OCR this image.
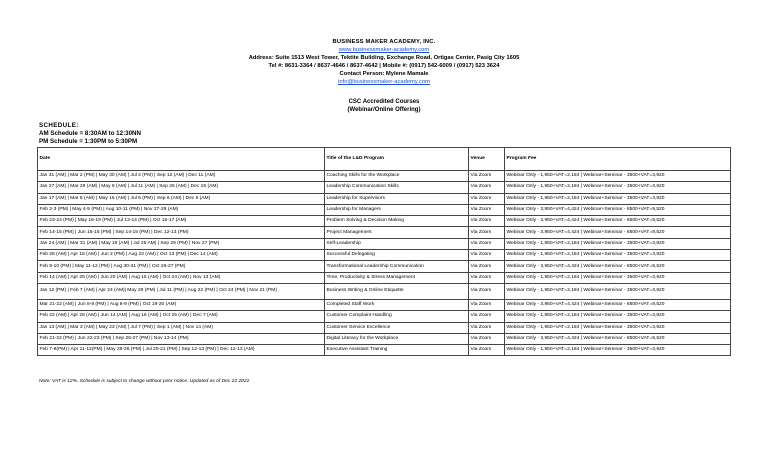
BUSINESS MAKER ACADEMY, INC.
www.businessmaker-academy.com
Address: Suite 1513 West Tower, Tektite Building, Exchange Road, Ortigas Center, Pasig City 1605
Tel #: 8631-3364 / 8637-4646 / 8637-4642 | Mobile #: (0917) 542-6009 / (0917) 523 3624
Contact Person: Mylene Mamale
info@businessmaker-academy.com
CSC Accredited Courses
(Webinar/Online Offering)
SCHEDULE:
AM Schedule = 8:30AM to 12:30NN
PM Schedule = 1:30PM to 5:30PM
Date	Title of the L&D Program	Venue	Program Fee
Jan 31 (AM) | Mar 2 (PM) | May 30 (AM) | Jul 4 (PM) | Sep 12 (AM) | Dec 11 (AM)	Coaching Skills for the Workplace	Via Zoom	Webinar Only - 1,950+VAT=2,184 | Webinar+Seminar - 3500+VAT=3,920
Jan 27 (AM) | Mar 29 (AM) | May 9 (AM) | Jul 11 (AM) | Sep 26 (AM) | Dec 15 (AM)	Leadership Communication Skills	Via Zoom	Webinar Only - 1,950+VAT=2,184 | Webinar+Seminar - 3500+VAT=3,920
Jan 17 (AM) | Mar 8 (AM) | May 16 (AM) | Jul 5 (PM) | Sep 6 (AM) | Dec 5 (AM)	Leadership for Supervisors	Via Zoom	Webinar Only - 1,950+VAT=2,184 | Webinar+Seminar - 3500+VAT=3,920
Feb 2-3 (PM) | May 4-5 (PM) | Aug 10-11 (PM) | Nov 27-28 (AM)	Leadership for Managers	Via Zoom	Webinar Only - 3,950+VAT=4,424 | Webinar+Seminar - 8500+VAT=9,520
Feb 23-24 (PM) | May 18-19 (PM) | Jul 13-14 (PM) | Oct 16-17 (AM)	Problem Solving & Decision Making	Via Zoom	Webinar Only - 3,950+VAT=4,424 | Webinar+Seminar - 8500+VAT=9,520
Feb 14-15 (PM) | Jun 15-16 (PM) | Sep 14-15 (PM) | Dec 12-13 (PM)	Project Management	Via Zoom	Webinar Only - 3,950+VAT=4,424 | Webinar+Seminar - 8500+VAT=9,520
Jan 24 (AM) | Mar 31 (AM) | May 19 (AM) | Jul 25 AM) | Sep 29 (PM) | Nov 27 (PM)	Self-Leadership	Via Zoom	Webinar Only - 1,950+VAT=2,184 | Webinar+Seminar - 3500+VAT=3,920
Feb 28 (AM) | Apr 18 (AM) | Jun 2 (PM) | Aug 23 (AM) | Oct 13 (PM) | Dec 14 (AM)	Successful Delegating	Via Zoom	Webinar Only - 1,950+VAT=2,184 | Webinar+Seminar - 3500+VAT=3,920
Feb 9-10 (PM) | May 11-12 (PM) | Aug 30-31 (PM) | Oct 26-27 (PM)	Transformational Leadership Communication	Via Zoom	Webinar Only - 3,950+VAT=4,424 | Webinar+Seminar - 8500+VAT=9,520
Feb 14 (AM) | Apr 25 (AM) | Jun 20 (AM) | Aug 15 (AM) | Oct 24 (AM) | Nov 13 (AM)	Time, Productivity & Stress Management	Via Zoom	Webinar Only - 1,950+VAT=2,184 | Webinar+Seminar - 3500+VAT=3,920
Jan 12 (PM) | Feb 7 (AM) | Apr 24 (AM)| May 29 (PM) | Jul 11 (PM) | Aug 22 (PM) | Oct 24 (PM) | Nov 21 (PM)	Business Writing & Online Etiquette	Via Zoom	Webinar Only - 1,950+VAT=2,184 | Webinar+Seminar - 3500+VAT=3,920
Mar 21-22 (AM) | Jun 8-9 (PM) | Aug 8-9 (PM) | Oct 19-20 (AM)	Completed Staff Work	Via Zoom	Webinar Only - 3,950+VAT=4,424 | Webinar+Seminar - 8500+VAT=9,520
Feb 22 (AM) | Apr 26 (AM) | Jun 14 (AM) | Aug 16 (AM) | Oct 25 (AM) | Dec 7 (AM)	Customer Complaint Handling	Via Zoom	Webinar Only - 1,950+VAT=2,184 | Webinar+Seminar - 3500+VAT=3,920
Jan 13 (AM) | Mar 3 (AM) | May 23 (AM) | Jul 7 (PM) | Sep 1 (AM) | Nov 14 (AM)	Customer Service Excellence	Via Zoom	Webinar Only - 1,950+VAT=2,184 | Webinar+Seminar - 3500+VAT=3,920
Feb 21-22 (PM) | Jun 22-23 (PM) | Sep 26-27 (PM) | Nov 13-14 (PM)	Digital Literacy for the Workplace	Via Zoom	Webinar Only - 3,950+VAT=4,424 | Webinar+Seminar - 8500+VAT=9,520
Feb 7-8(PM) | Apr 11-12(PM) | May 25-26 (PM) | Jul 20-21 (PM) | Sep 12-13 (PM) | Dec 12-13 (AM)	Executive Assistant Training	Via Zoom	Webinar Only - 1,950+VAT=2,184 | Webinar+Seminar - 3500+VAT=3,920
Note: VAT is 12%. Schedule is subject to change without prior notice. Updated as of Dec 22 2022
